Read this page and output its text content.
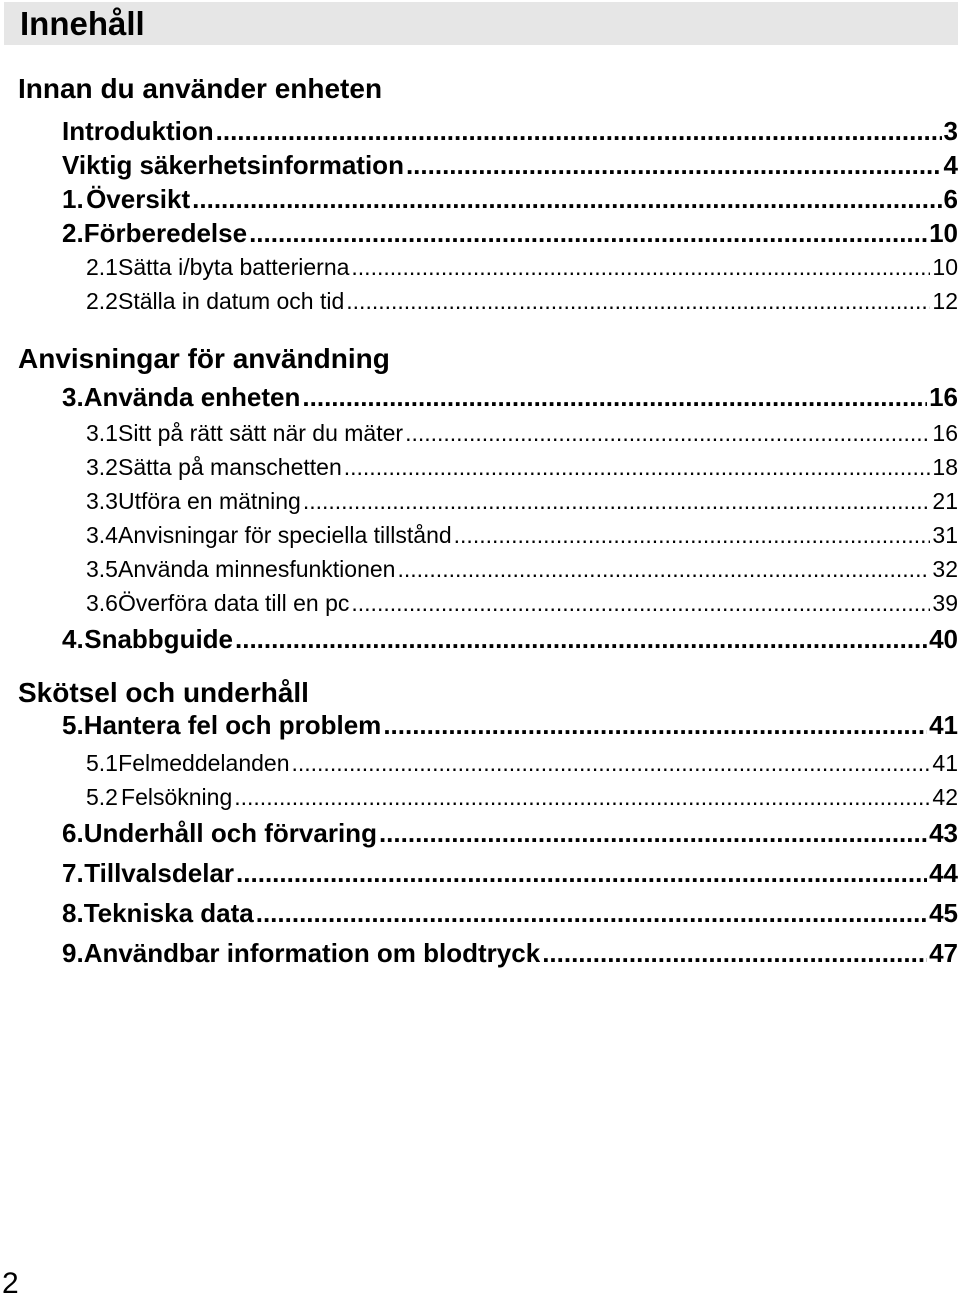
Innehåll
Innan du använder enheten
Introduktion .....	3
Viktig säkerhetsinformation .....	4
1. Översikt .....	6
2. Förberedelse .....	10
2.1 Sätta i/byta batterierna .....	10
2.2 Ställa in datum och tid .....	12
Anvisningar för användning
3. Använda enheten .....	16
3.1 Sitt på rätt sätt när du mäter .....	16
3.2 Sätta på manschetten .....	18
3.3 Utföra en mätning .....	21
3.4 Anvisningar för speciella tillstånd .....	31
3.5 Använda minnesfunktionen .....	32
3.6 Överföra data till en pc .....	39
4. Snabbguide .....	40
Skötsel och underhåll
5. Hantera fel och problem .....	41
5.1 Felmeddelanden .....	41
5.2 Felsökning .....	42
6. Underhåll och förvaring .....	43
7. Tillvalsdelar .....	44
8. Tekniska data .....	45
9. Användbar information om blodtryck .....	47
2
